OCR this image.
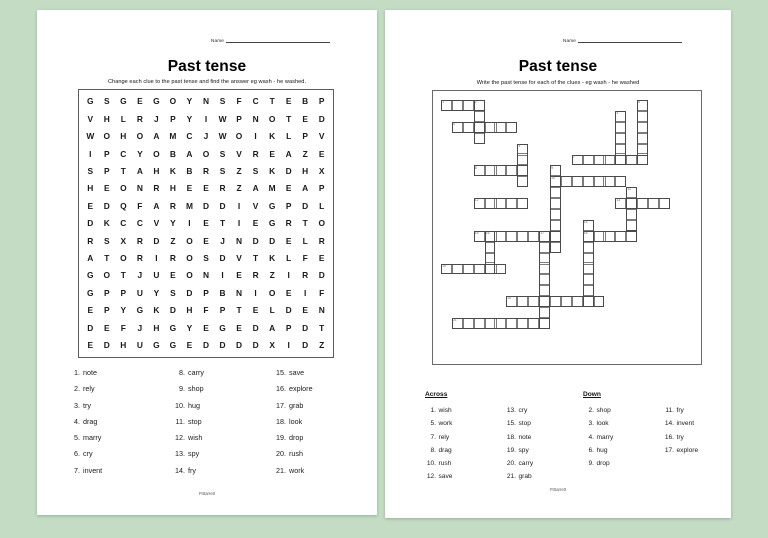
Name
Past tense
Change each clue to the past tense and find the answer eg wash - he washed.
G	S	G	E	G	O	Y	N	S	F	C	T	E	B	P
V	H	L	R	J	P	Y	I	W	P	N	O	T	E	D
W	O	H	O	A	M	C	J	W	O	I	K	L	P	V
I	P	C	Y	O	B	A	O	S	V	R	E	A	Z	E
S	P	T	A	H	K	B	R	S	Z	S	K	D	H	X
H	E	O	N	R	H	E	E	R	Z	A	M	E	A	P
E	D	Q	F	A	R	M	D	D	I	V	G	P	D	L
D	K	C	C	V	Y	I	E	T	I	E	G	R	T	O
R	S	X	R	D	Z	O	E	J	N	D	D	E	L	R
A	T	O	R	I	R	O	S	D	V	T	K	L	F	E
G	O	T	J	U	E	O	N	I	E	R	Z	I	R	D
G	P	P	U	Y	S	D	P	B	N	I	O	E	I	F
E	P	Y	G	K	D	H	F	P	T	E	L	D	E	N
D	E	F	J	H	G	Y	E	G	E	D	A	P	D	T
E	D	H	U	G	G	E	D	D	D	D	X	I	D	Z
1. note
2. rely
3. try
4. drag
5. marry
6. cry
7. invent
8. carry
9. shop
10. hug
11. stop
12. wish
13. spy
14. fry
15. save
16. explore
17. grab
18. look
19. drop
20. rush
21. work
P.Barrett
Name
Past tense
Write the past tense for each of the clues - eg wash - he washed
1	2
5
3
4
6
7
8	9
10
11
12	13
14
15 16	17	18
19
20
21
Across	Down
1. wish
5. work
7. rely
8. drag
10. rush
12. save
13. cry
15. stop
18. note
19. spy
20. carry
21. grab
2. shop
3. look
4. marry
6. hug
9. drop
11. fry
14. invent
16. try
17. explore
P.Barrett
